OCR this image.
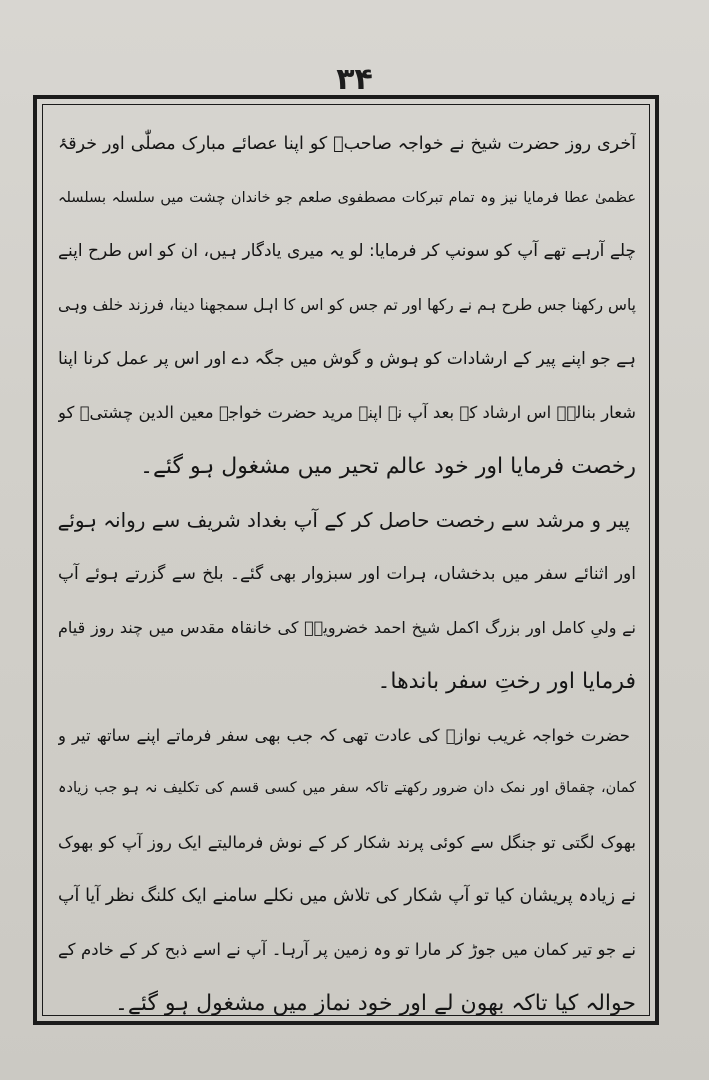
۳۴
آخری روز حضرت شیخ نے خواجہ صاحبؒ کو اپنا عصائے مبارک مصلّٰی اور خرقۂ
عظمیٰ عطا فرمایا نیز وہ تمام تبرکات مصطفوی صلعم جو خاندان چشت میں سلسلہ بسلسلہ
چلے آرہے تھے آپ کو سونپ کر فرمایا: لو یہ میری یادگار ہیں، ان کو اس طرح اپنے
پاس رکھنا جس طرح ہم نے رکھا اور تم جس کو اس کا اہل سمجھنا دینا، فرزند خلف وہی
ہے جو اپنے پیر کے ارشادات کو ہوش و گوش میں جگہ دے اور اس پر عمل کرنا اپنا
شعار بنالے۔ اس ارشاد کے بعد آپ نے اپنے مرید حضرت خواجہ معین الدین چشتیؒ کو
رخصت فرمایا اور خود عالم تحیر میں مشغول ہو گئے۔
پیر و مرشد سے رخصت حاصل کر کے آپ بغداد شریف سے روانہ ہوئے
اور اثنائے سفر میں بدخشاں، ہرات اور سبزوار بھی گئے۔ بلخ سے گزرتے ہوئے آپ
نے ولیِ کامل اور بزرگ اکمل شیخ احمد خضرویہؒ کی خانقاہ مقدس میں چند روز قیام
فرمایا اور رختِ سفر باندھا۔
حضرت خواجہ غریب نوازؒ کی عادت تھی کہ جب بھی سفر فرماتے اپنے ساتھ تیر و
کمان، چقماق اور نمک دان ضرور رکھتے تاکہ سفر میں کسی قسم کی تکلیف نہ ہو جب زیادہ
بھوک لگتی تو جنگل سے کوئی پرند شکار کر کے نوش فرمالیتے ایک روز آپ کو بھوک
نے زیادہ پریشان کیا تو آپ شکار کی تلاش میں نکلے سامنے ایک کلنگ نظر آیا آپ
نے جو تیر کمان میں جوڑ کر مارا تو وہ زمین پر آرہا۔ آپ نے اسے ذبح کر کے خادم کے
حوالہ کیا تاکہ بھون لے اور خود نماز میں مشغول ہو گئے۔
